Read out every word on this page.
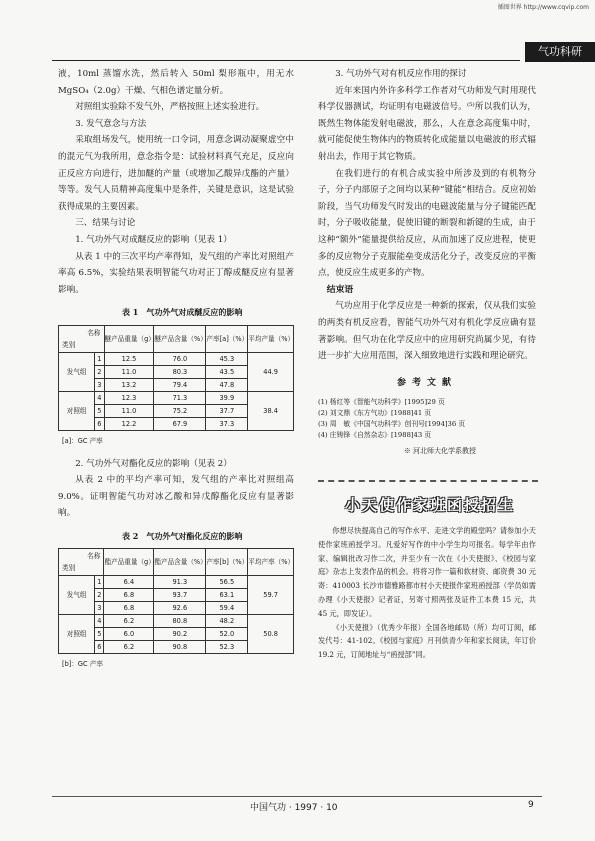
插图世界 http://www.cqvip.com
气功科研

液，10ml 蒸馏水洗，然后转入 50ml 梨形瓶中，用无水 MgSO₄（2.0g）干燥、气相色谱定量分析。

对照组实验除不发气外，严格按照上述实验进行。

3. 发气意念与方法

采取组场发气，使用统一口令词，用意念调动凝聚虚空中的混元气为我所用，意念指令是：试验材料真气充足，反应向正反应方向进行，进加醚的产量（或增加乙酸异戊酯的产量）等等。发气人员精神高度集中是条件，关键是意识，这是试验获得成果的主要因素。

三、结果与讨论
1. 气功外气对成醚反应的影响（见表 1）

从表 1 中的三次平均产率得知，发气组的产率比对照组产率高 6.5%，实验结果表明智能气功对正丁醇成醚反应有显著影响。

表 1　气功外气对成醚反应的影响
名称
类别		醚产品重量（g）	醚产品含量（%）	产率[a]（%）	平均产量（%）
发气组	1	12.5	76.0	45.3	44.9
	2	11.0	80.3	43.5	
	3	13.2	79.4	47.8	
对照组	4	12.3	71.3	39.9	38.4
	5	11.0	75.2	37.7	
	6	12.2	67.9	37.3	
[a]：GC 产率
2. 气功外气对酯化反应的影响（见表 2）

从表 2 中的平均产率可知，发气组的产率比对照组高 9.0%。证明智能气功对冰乙酸和异戊醇酯化反应有显著影响。

表 2　气功外气对酯化反应的影响
名称
类别		酯产品重量（g）	酯产品含量（%）	产率[b]（%）	平均产率（%）
发气组	1	6.4	91.3	56.5	59.7
	2	6.8	93.7	63.1	
	3	6.8	92.6	59.4	
对照组	4	6.2	80.8	48.2	50.8
	5	6.0	90.2	52.0	
	6	6.2	90.8	52.3	
[b]：GC 产率
3. 气功外气对有机反应作用的探讨

近年来国内外许多科学工作者对气功师发气时用现代科学仪器测试，均证明有电磁波信号。⁽⁵⁾所以我们认为，既然生物体能发射电磁波，那么，人在意念高度集中时，就可能促使生物体内的物质转化成能量以电磁波的形式辐射出去，作用于其它物质。

在我们进行的有机合成实验中所涉及到的有机物分子，分子内部原子之间均以某种“键能”相结合。反应初始阶段，当气功师发气时发出的电磁波能量与分子键能匹配时，分子吸收能量，促使旧键的断裂和新键的生成，由于这种“额外”能量提供给反应，从而加速了反应进程，使更多的反应物分子克服能垒变成活化分子，改变反应的平衡点，使反应生成更多的产物。

结束语

气功应用于化学反应是一种新的探索，仅从我们实验的两类有机反应看，智能气功外气对有机化学反应确有显著影响。但气功在化学反应中的应用研究尚属少见，有待进一步扩大应用范围，深入细致地进行实践和理论研究。

参考文献
(1) 杨红等《智能气功科学》[1995]29 页
(2) 刘文鼎《东方气功》[1988]41 页
(3) 周　敏《中国气功科学》创刊号[1994]36 页
(4) 庄铸锋《自然杂志》[1988]43 页
※ 河北师大化学系教授
小天使作家班函授招生

你想尽快提高自己的写作水平、走进文学的殿堂吗？请参加小天使作家班函授学习。凡爱好写作的中小学生均可报名。每学年由作家、编辑批改习作二次，并至少有一次在《小天使报》、《校园与家庭》杂志上发表作品的机会。将将习作一篇和软材资、邮资费 30 元寄：410003 长沙市德雅路都市村小天使报作家班函授部（学员如需办理《小天使报》记者证，另寄寸照两张及证件工本费 15 元，共 45 元，即发证）。

《小天使报》（优秀少年报）全国各地邮局（所）均可订阅，邮发代号：41-102。《校园与家庭》月刊供青少年和家长阅读，年订价 19.2 元，订阅地址与“函授部”同。

中国气功 · 1997 · 10	9
